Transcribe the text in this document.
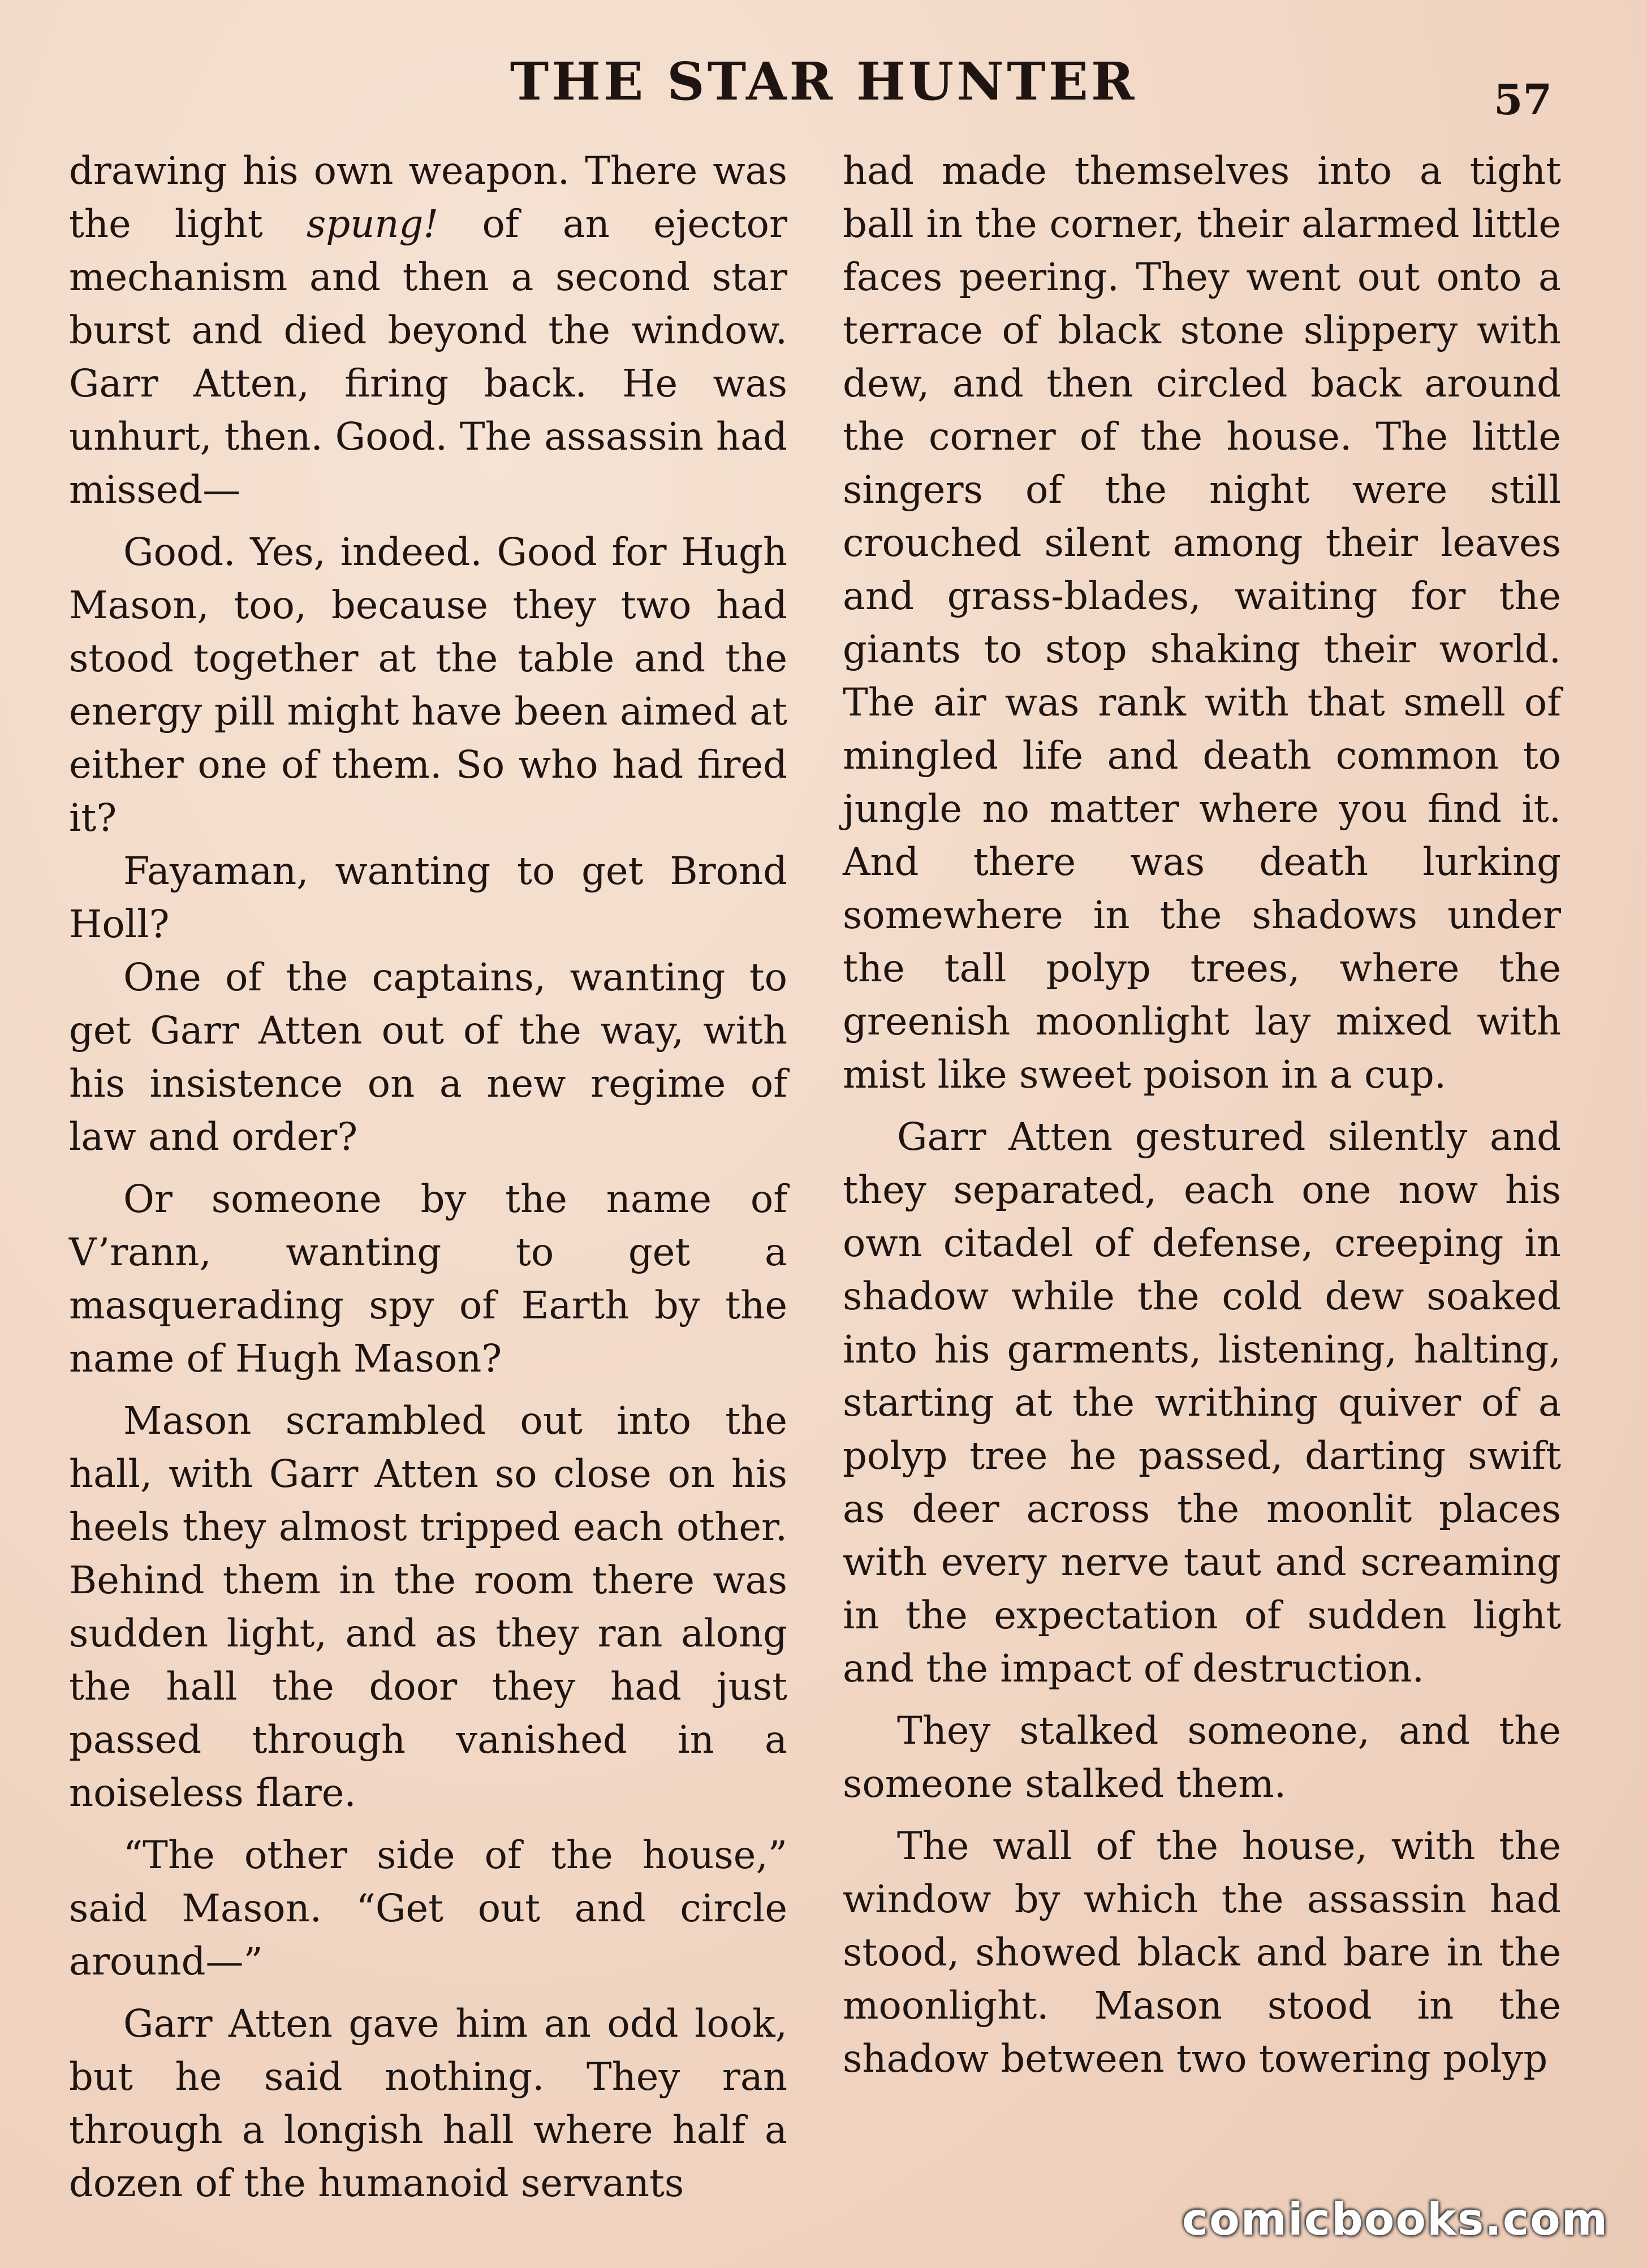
THE STAR HUNTER	57

drawing his own weapon. There was the light spung! of an ejector mechanism and then a second star burst and died beyond the window. Garr Atten, firing back. He was unhurt, then. Good. The assassin had missed—

Good. Yes, indeed. Good for Hugh Mason, too, because they two had stood together at the table and the energy pill might have been aimed at either one of them. So who had fired it?

Fayaman, wanting to get Brond Holl?

One of the captains, wanting to get Garr Atten out of the way, with his insistence on a new regime of law and order?

Or someone by the name of V’rann, wanting to get a masquerading spy of Earth by the name of Hugh Mason?

Mason scrambled out into the hall, with Garr Atten so close on his heels they almost tripped each other. Behind them in the room there was sudden light, and as they ran along the hall the door they had just passed through vanished in a noiseless flare.

“The other side of the house,” said Mason. “Get out and circle around—”

Garr Atten gave him an odd look, but he said nothing. They ran through a longish hall where half a dozen of the humanoid servants

had made themselves into a tight ball in the corner, their alarmed little faces peering. They went out onto a terrace of black stone slippery with dew, and then circled back around the corner of the house. The little singers of the night were still crouched silent among their leaves and grass-blades, waiting for the giants to stop shaking their world. The air was rank with that smell of mingled life and death common to jungle no matter where you find it. And there was death lurking somewhere in the shadows under the tall polyp trees, where the greenish moonlight lay mixed with mist like sweet poison in a cup.

Garr Atten gestured silently and they separated, each one now his own citadel of defense, creeping in shadow while the cold dew soaked into his garments, listening, halting, starting at the writhing quiver of a polyp tree he passed, darting swift as deer across the moonlit places with every nerve taut and screaming in the expectation of sudden light and the impact of destruction.

They stalked someone, and the someone stalked them.

The wall of the house, with the window by which the assassin had stood, showed black and bare in the moonlight. Mason stood in the shadow between two towering polyp

comicbooks.com
